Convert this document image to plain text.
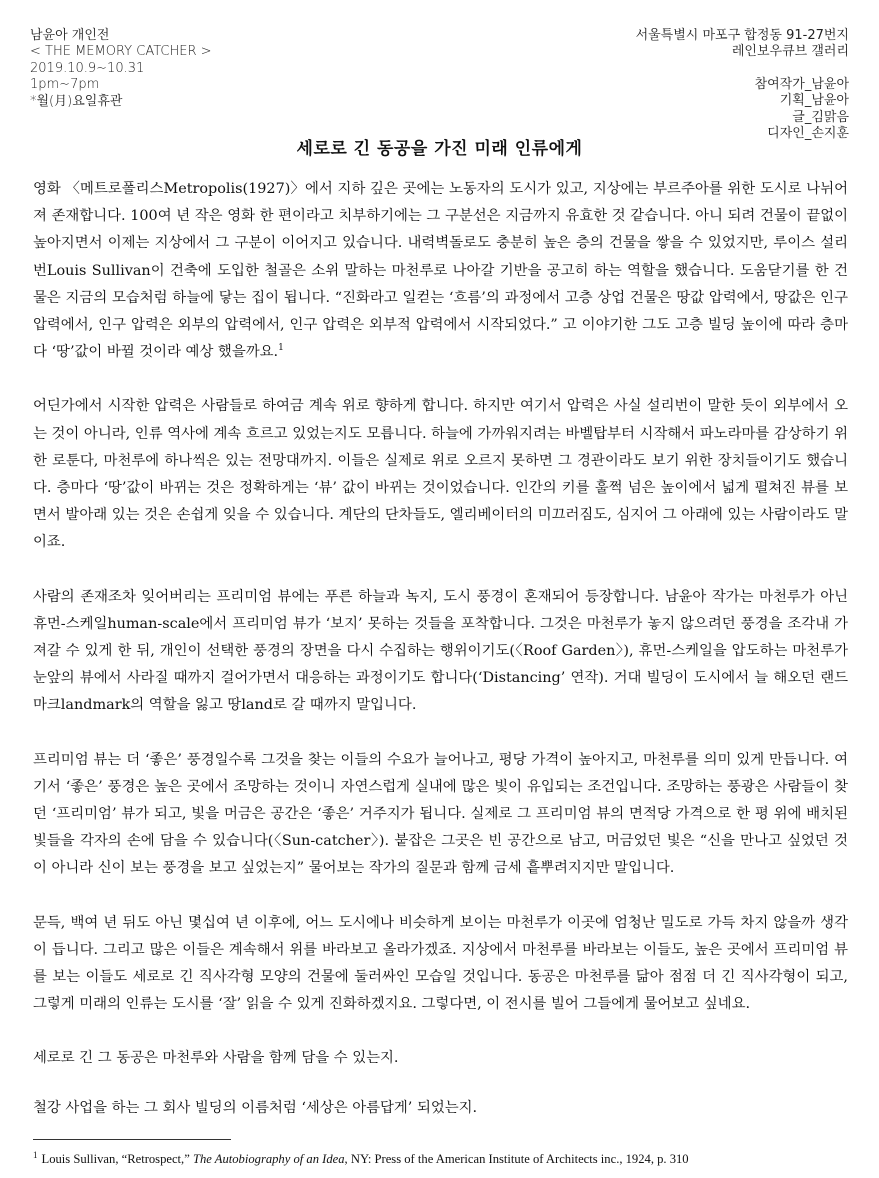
남윤아 개인전
< THE MEMORY CATCHER >
2019.10.9~10.31
1pm~7pm
*월(月)요일휴관
서울특별시 마포구 합정동 91-27번지
레인보우큐브 갤러리
참여작가_남윤아
기획_남윤아
글_김맑음
디자인_손지훈
세로로 긴 동공을 가진 미래 인류에게

영화 〈메트로폴리스Metropolis(1927)〉에서 지하 깊은 곳에는 노동자의 도시가 있고, 지상에는 부르주아를 위한 도시로 나뉘어져 존재합니다. 100여 년 작은 영화 한 편이라고 치부하기에는 그 구분선은 지금까지 유효한 것 같습니다. 아니 되려 건물이 끝없이 높아지면서 이제는 지상에서 그 구분이 이어지고 있습니다. 내력벽돌로도 충분히 높은 층의 건물을 쌓을 수 있었지만, 루이스 설리번Louis Sullivan이 건축에 도입한 철골은 소위 말하는 마천루로 나아갈 기반을 공고히 하는 역할을 했습니다. 도움닫기를 한 건물은 지금의 모습처럼 하늘에 닿는 집이 됩니다. “진화라고 일컫는 ‘흐름’의 과정에서 고층 상업 건물은 땅값 압력에서, 땅값은 인구 압력에서, 인구 압력은 외부의 압력에서, 인구 압력은 외부적 압력에서 시작되었다.” 고 이야기한 그도 고층 빌딩 높이에 따라 층마다 ‘땅’값이 바뀔 것이라 예상 했을까요.$^1$

어딘가에서 시작한 압력은 사람들로 하여금 계속 위로 향하게 합니다. 하지만 여기서 압력은 사실 설리번이 말한 듯이 외부에서 오는 것이 아니라, 인류 역사에 계속 흐르고 있었는지도 모릅니다. 하늘에 가까워지려는 바벨탑부터 시작해서 파노라마를 감상하기 위한 로툰다, 마천루에 하나씩은 있는 전망대까지. 이들은 실제로 위로 오르지 못하면 그 경관이라도 보기 위한 장치들이기도 했습니다. 층마다 ‘땅’값이 바뀌는 것은 정확하게는 ‘뷰’ 값이 바뀌는 것이었습니다. 인간의 키를 훌쩍 넘은 높이에서 넓게 펼쳐진 뷰를 보면서 발아래 있는 것은 손쉽게 잊을 수 있습니다. 계단의 단차들도, 엘리베이터의 미끄러짐도, 심지어 그 아래에 있는 사람이라도 말이죠.

사람의 존재조차 잊어버리는 프리미엄 뷰에는 푸른 하늘과 녹지, 도시 풍경이 혼재되어 등장합니다. 남윤아 작가는 마천루가 아닌 휴먼-스케일human-scale에서 프리미엄 뷰가 ‘보지’ 못하는 것들을 포착합니다. 그것은 마천루가 놓지 않으려던 풍경을 조각내 가져갈 수 있게 한 뒤, 개인이 선택한 풍경의 장면을 다시 수집하는 행위이기도(〈Roof Garden〉), 휴먼-스케일을 압도하는 마천루가 눈앞의 뷰에서 사라질 때까지 걸어가면서 대응하는 과정이기도 합니다(‘Distancing’ 연작). 거대 빌딩이 도시에서 늘 해오던 랜드마크landmark의 역할을 잃고 땅land로 갈 때까지 말입니다.

프리미엄 뷰는 더 ‘좋은’ 풍경일수록 그것을 찾는 이들의 수요가 늘어나고, 평당 가격이 높아지고, 마천루를 의미 있게 만듭니다. 여기서 ‘좋은’ 풍경은 높은 곳에서 조망하는 것이니 자연스럽게 실내에 많은 빛이 유입되는 조건입니다. 조망하는 풍광은 사람들이 찾던 ‘프리미엄’ 뷰가 되고, 빛을 머금은 공간은 ‘좋은’ 거주지가 됩니다. 실제로 그 프리미엄 뷰의 면적당 가격으로 한 평 위에 배치된 빛들을 각자의 손에 담을 수 있습니다(〈Sun-catcher〉). 붙잡은 그곳은 빈 공간으로 남고, 머금었던 빛은 “신을 만나고 싶었던 것이 아니라 신이 보는 풍경을 보고 싶었는지” 물어보는 작가의 질문과 함께 금세 흩뿌려지지만 말입니다.

문득, 백여 년 뒤도 아닌 몇십여 년 이후에, 어느 도시에나 비슷하게 보이는 마천루가 이곳에 엄청난 밀도로 가득 차지 않을까 생각이 듭니다. 그리고 많은 이들은 계속해서 위를 바라보고 올라가겠죠. 지상에서 마천루를 바라보는 이들도, 높은 곳에서 프리미엄 뷰를 보는 이들도 세로로 긴 직사각형 모양의 건물에 둘러싸인 모습일 것입니다. 동공은 마천루를 닮아 점점 더 긴 직사각형이 되고, 그렇게 미래의 인류는 도시를 ‘잘’ 읽을 수 있게 진화하겠지요. 그렇다면, 이 전시를 빌어 그들에게 물어보고 싶네요.

세로로 긴 그 동공은 마천루와 사람을 함께 담을 수 있는지.

철강 사업을 하는 그 회사 빌딩의 이름처럼 ‘세상은 아름답게’ 되었는지.

$^1$ Louis Sullivan, “Retrospect,” The Autobiography of an Idea, NY: Press of the American Institute of Architects inc., 1924, p. 310
